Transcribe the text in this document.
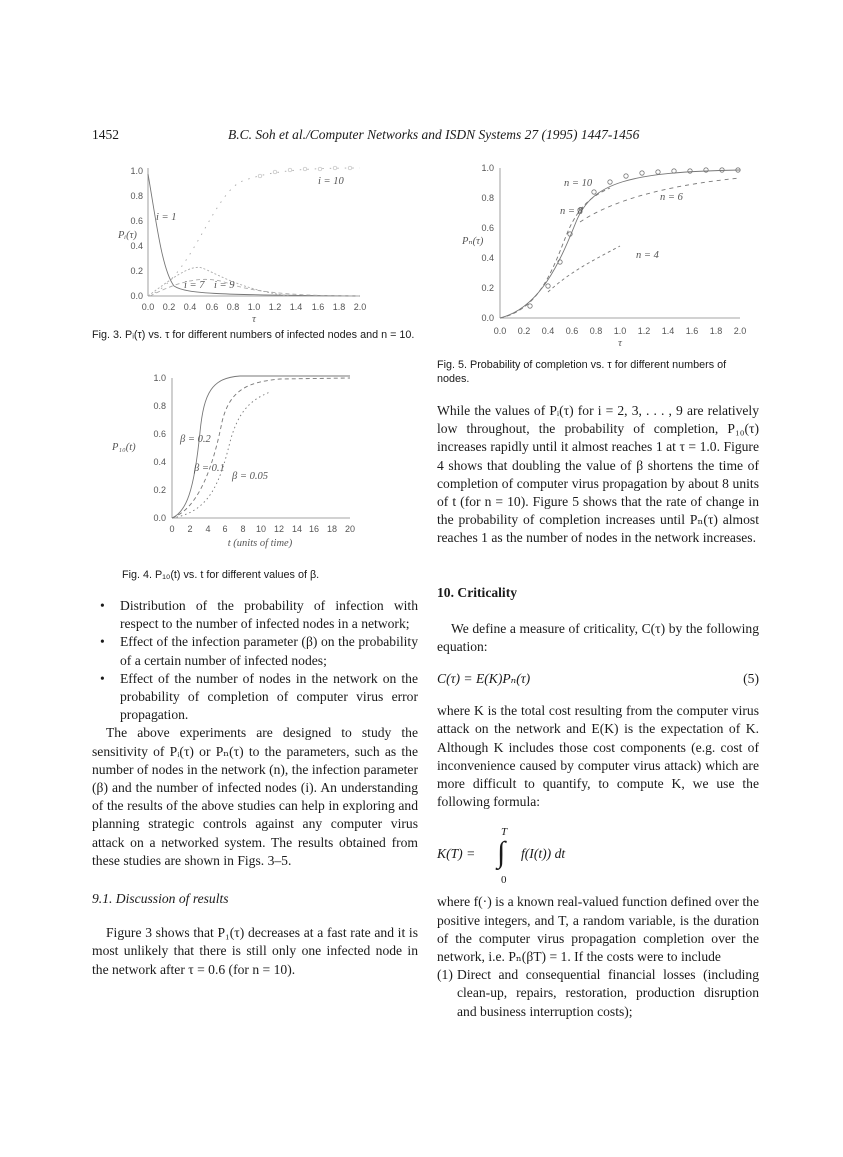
1452	B.C. Soh et al./Computer Networks and ISDN Systems 27 (1995) 1447-1456
0.0
0.2
0.4
0.6
0.8
1.0
0.0 0.2 0.4 0.6 0.8 1.0 1.2 1.4 1.6 1.8 2.0
Pᵢ(τ)
τ
i = 10
i = 1
i = 7 i = 9
Fig. 3. Pᵢ(τ) vs. τ for different numbers of infected nodes and n = 10.
0.0
0.2
0.4
0.6
0.8
1.0
0 2 4 6 8 10 12 14 16 18 20
P₁₀(t)
t (units of time)
β = 0.2
β = 0.1
β = 0.05
Fig. 4. P₁₀(t) vs. t for different values of β.
0.0
0.2
0.4
0.6
0.8
1.0
0.0 0.2 0.4 0.6 0.8 1.0 1.2 1.4 1.6 1.8 2.0
Pₙ(τ)
τ
n = 10
n = 6
n = 8
n = 4
Fig. 5. Probability of completion vs. τ for different numbers of nodes.
• Distribution of the probability of infection with respect to the number of infected nodes in a network;
• Effect of the infection parameter (β) on the probability of a certain number of infected nodes;
• Effect of the number of nodes in the network on the probability of completion of computer virus error propagation.

The above experiments are designed to study the sensitivity of Pᵢ(τ) or Pₙ(τ) to the parameters, such as the number of nodes in the network (n), the infection parameter (β) and the number of infected nodes (i). An understanding of the results of the above studies can help in exploring and planning strategic controls against any computer virus attack on a networked system. The results obtained from these studies are shown in Figs. 3–5.

9.1. Discussion of results

Figure 3 shows that P₁(τ) decreases at a fast rate and it is most unlikely that there is still only one infected node in the network after τ = 0.6 (for n = 10).

While the values of Pᵢ(τ) for i = 2, 3, . . . , 9 are relatively low throughout, the probability of completion, P₁₀(τ) increases rapidly until it almost reaches 1 at τ = 1.0. Figure 4 shows that doubling the value of β shortens the time of completion of computer virus propagation by about 8 units of t (for n = 10). Figure 5 shows that the rate of change in the probability of completion increases until Pₙ(τ) almost reaches 1 as the number of nodes in the network increases.

10. Criticality

We define a measure of criticality, C(τ) by the following equation:

C(τ) = E(K)Pₙ(τ)	(5)

where K is the total cost resulting from the computer virus attack on the network and E(K) is the expectation of K. Although K includes those cost components (e.g. cost of inconvenience caused by computer virus attack) which are more difficult to quantify, to compute K, we use the following formula:

K(T) =
T
∫
0
f(I(t)) dt

where f(·) is a known real-valued function defined over the positive integers, and T, a random variable, is the duration of the computer virus propagation completion over the network, i.e. Pₙ(βT) = 1. If the costs were to include

(1) Direct and consequential financial losses (including clean-up, repairs, restoration, production disruption and business interruption costs);
